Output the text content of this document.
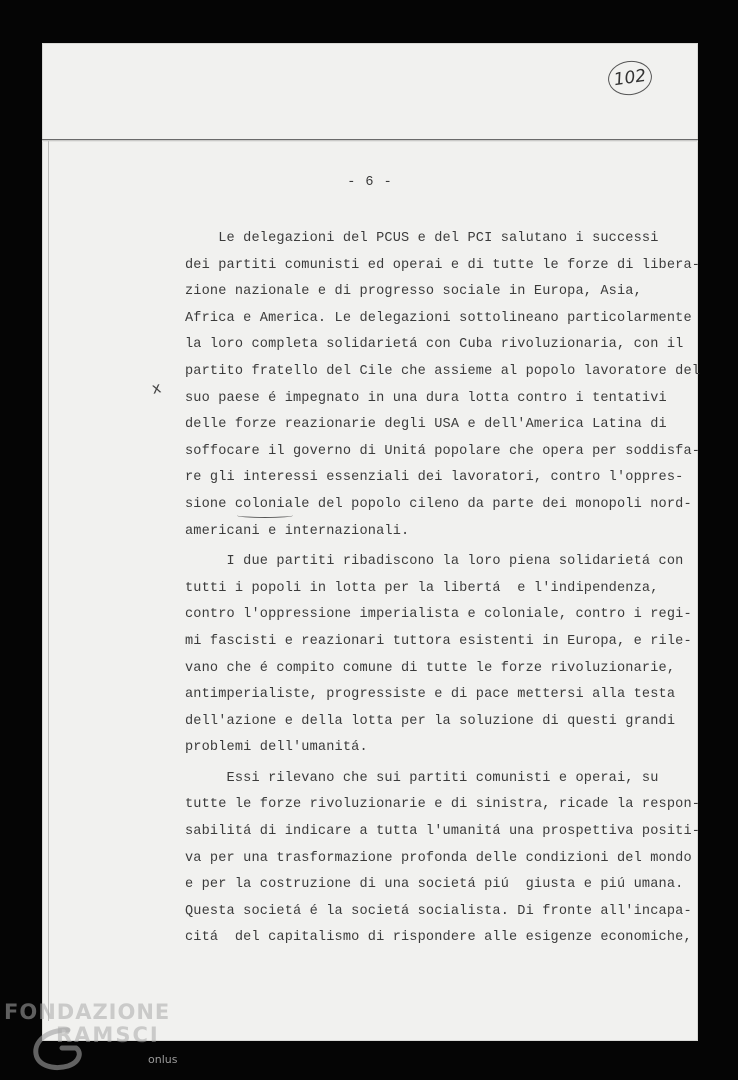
102
- 6 -
x
Le delegazioni del PCUS e del PCI salutano i successi
dei partiti comunisti ed operai e di tutte le forze di libera-
zione nazionale e di progresso sociale in Europa, Asia,
Africa e America. Le delegazioni sottolineano particolarmente
la loro completa solidarietá con Cuba rivoluzionaria, con il
partito fratello del Cile che assieme al popolo lavoratore del
suo paese é impegnato in una dura lotta contro i tentativi
delle forze reazionarie degli USA e dell'America Latina di
soffocare il governo di Unitá popolare che opera per soddisfa-
re gli interessi essenziali dei lavoratori, contro l'oppres-
sione coloniale del popolo cileno da parte dei monopoli nord-
americani e internazionali.
I due partiti ribadiscono la loro piena solidarietá con
tutti i popoli in lotta per la libertá  e l'indipendenza,
contro l'oppressione imperialista e coloniale, contro i regi-
mi fascisti e reazionari tuttora esistenti in Europa, e rile-
vano che é compito comune di tutte le forze rivoluzionarie,
antimperialiste, progressiste e di pace mettersi alla testa
dell'azione e della lotta per la soluzione di questi grandi
problemi dell'umanitá.
Essi rilevano che sui partiti comunisti e operai, su
tutte le forze rivoluzionarie e di sinistra, ricade la respon-
sabilitá di indicare a tutta l'umanitá una prospettiva positi-
va per una trasformazione profonda delle condizioni del mondo
e per la costruzione di una societá piú  giusta e piú umana.
Questa societá é la societá socialista. Di fronte all'incapa-
citá  del capitalismo di rispondere alle esigenze economiche,
FONDAZIONE
RAMSCI
onlus
